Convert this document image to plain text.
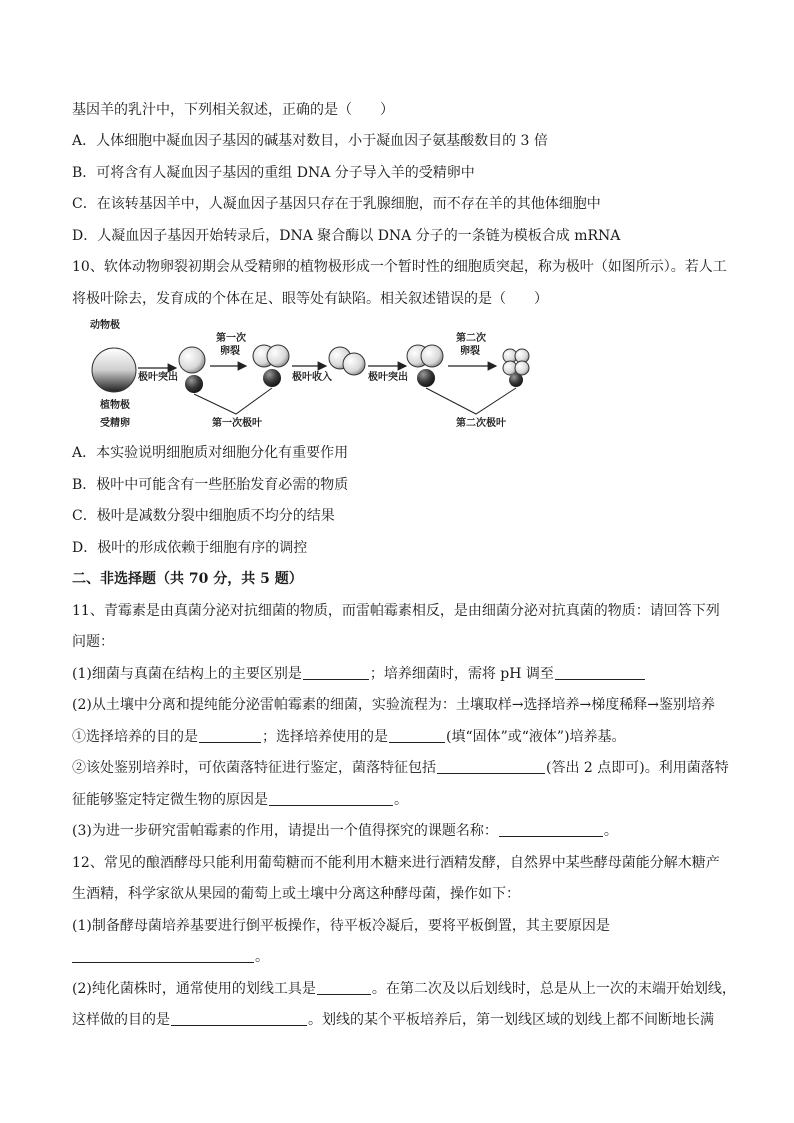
基因羊的乳汁中，下列相关叙述，正确的是（　　）
A．人体细胞中凝血因子基因的碱基对数目，小于凝血因子氨基酸数目的 3 倍
B．可将含有人凝血因子基因的重组 DNA 分子导入羊的受精卵中
C．在该转基因羊中，人凝血因子基因只存在于乳腺细胞，而不存在羊的其他体细胞中
D．人凝血因子基因开始转录后，DNA 聚合酶以 DNA 分子的一条链为模板合成 mRNA
10、软体动物卵裂初期会从受精卵的植物极形成一个暂时性的细胞质突起，称为极叶（如图所示）。若人工
将极叶除去，发育成的个体在足、眼等处有缺陷。相关叙述错误的是（　　）
动物极
植物极
受精卵
极叶突出
第一次
卵裂
极叶收入	极叶突出
第二次
卵裂
第一次极叶	第二次极叶
A．本实验说明细胞质对细胞分化有重要作用
B．极叶中可能含有一些胚胎发育必需的物质
C．极叶是减数分裂中细胞质不均分的结果
D．极叶的形成依赖于细胞有序的调控
二、非选择题（共 70 分，共 5 题）
11、青霉素是由真菌分泌对抗细菌的物质，而雷帕霉素相反，是由细菌分泌对抗真菌的物质：请回答下列
问题：
(1)细菌与真菌在结构上的主要区别是	；培养细菌时，需将 pH 调至
(2)从土壤中分离和提纯能分泌雷帕霉素的细菌，实验流程为：土壤取样→选择培养→梯度稀释→鉴别培养
①选择培养的目的是	；选择培养使用的是	(填“固体”或“液体”)培养基。
②该处鉴别培养时，可依菌落特征进行鉴定，菌落特征包括	(答出 2 点即可)。利用菌落特
征能够鉴定特定微生物的原因是	。
(3)为进一步研究雷帕霉素的作用，请提出一个值得探究的课题名称：	。
12、常见的酿酒酵母只能利用葡萄糖而不能利用木糖来进行酒精发酵，自然界中某些酵母菌能分解木糖产
生酒精，科学家欲从果园的葡萄上或土壤中分离这种酵母菌，操作如下：
(1)制备酵母菌培养基要进行倒平板操作，待平板冷凝后，要将平板倒置，其主要原因是
。
(2)纯化菌株时，通常使用的划线工具是	。在第二次及以后划线时，总是从上一次的末端开始划线，
这样做的目的是	。划线的某个平板培养后，第一划线区域的划线上都不间断地长满
